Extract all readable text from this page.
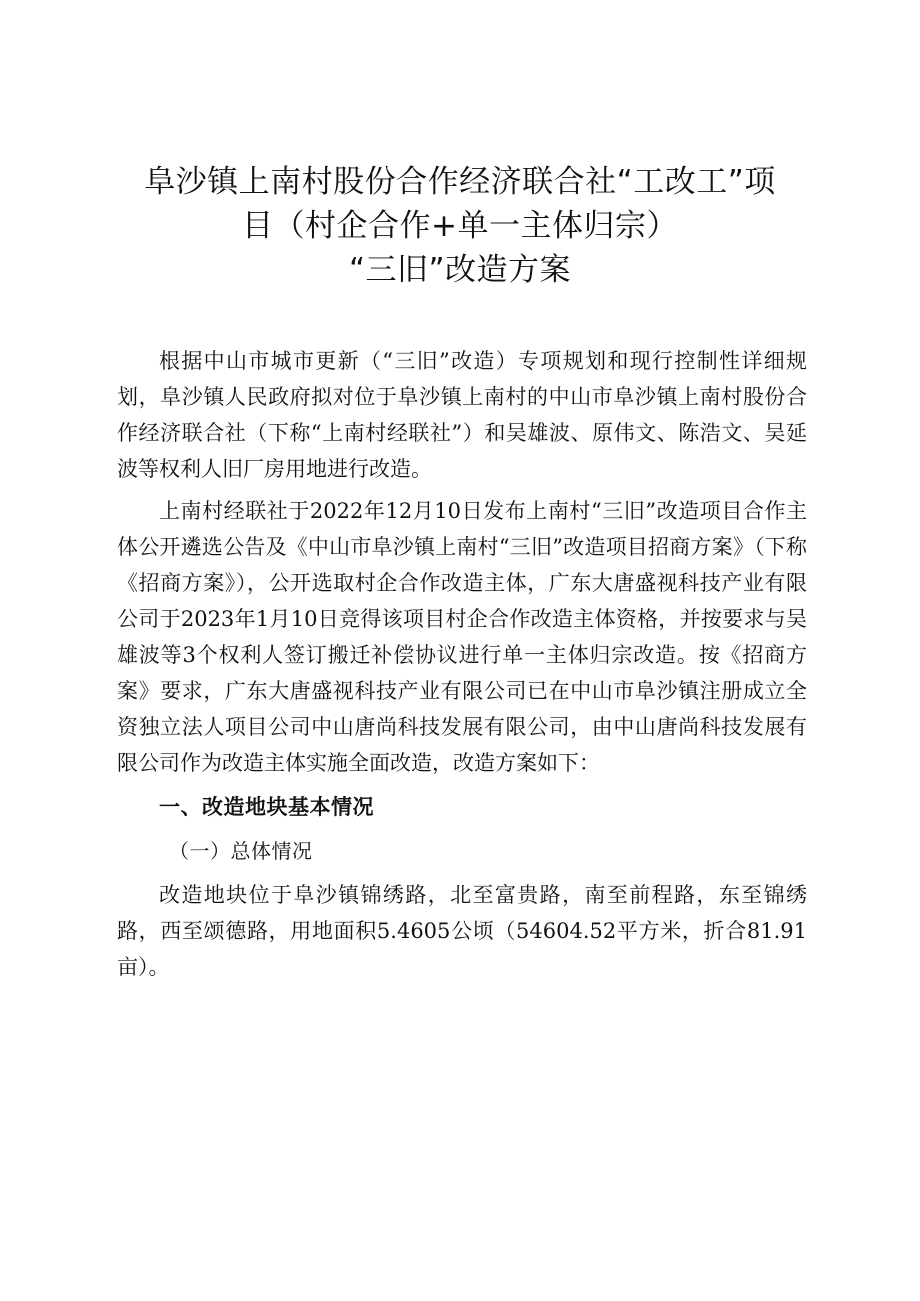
阜沙镇上南村股份合作经济联合社“工改工”项
目（村企合作+单一主体归宗）
“三旧”改造方案

根据中山市城市更新（“三旧”改造）专项规划和现行控制性详细规划，阜沙镇人民政府拟对位于阜沙镇上南村的中山市阜沙镇上南村股份合作经济联合社（下称“上南村经联社”）和吴雄波、原伟文、陈浩文、吴延波等权利人旧厂房用地进行改造。

上南村经联社于2022年12月10日发布上南村“三旧”改造项目合作主体公开遴选公告及《中山市阜沙镇上南村“三旧”改造项目招商方案》（下称《招商方案》），公开选取村企合作改造主体，广东大唐盛视科技产业有限公司于2023年1月10日竞得该项目村企合作改造主体资格，并按要求与吴雄波等3个权利人签订搬迁补偿协议进行单一主体归宗改造。按《招商方案》要求，广东大唐盛视科技产业有限公司已在中山市阜沙镇注册成立全资独立法人项目公司中山唐尚科技发展有限公司，由中山唐尚科技发展有限公司作为改造主体实施全面改造，改造方案如下：

一、改造地块基本情况
（一）总体情况

改造地块位于阜沙镇锦绣路，北至富贵路，南至前程路，东至锦绣路，西至颂德路，用地面积5.4605公顷（54604.52平方米，折合81.91亩）。
